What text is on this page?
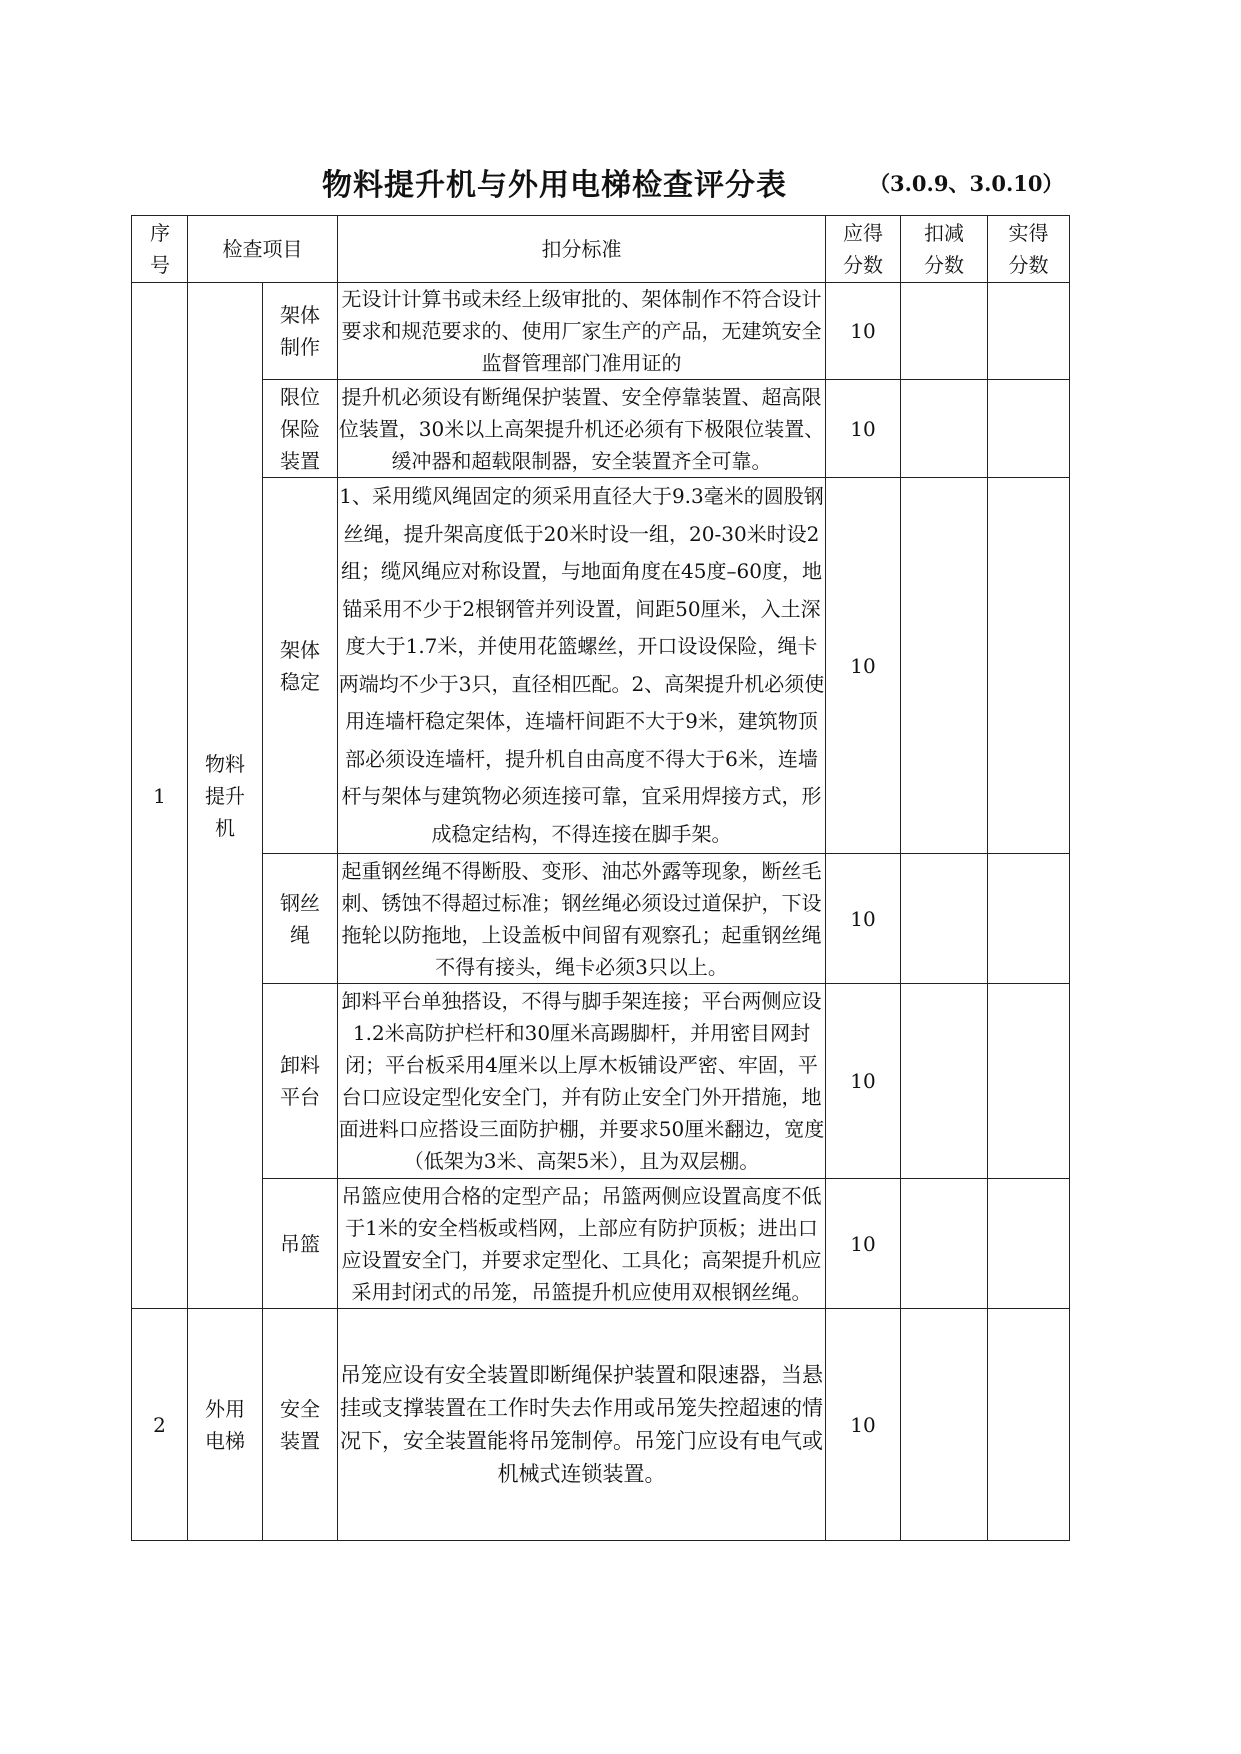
物料提升机与外用电梯检查评分表	（3.0.9、3.0.10）
序号	检查项目		扣分标准	应得分数	扣减分数	实得分数
1	物料提升机	架体制作	无设计计算书或未经上级审批的、架体制作不符合设计要求和规范要求的、使用厂家生产的产品，无建筑安全监督管理部门准用证的	10		
		限位保险装置	提升机必须设有断绳保护装置、安全停靠装置、超高限位装置，30米以上高架提升机还必须有下极限位装置、缓冲器和超载限制器，安全装置齐全可靠。	10		
		架体稳定	1、采用缆风绳固定的须采用直径大于9.3毫米的圆股钢丝绳，提升架高度低于20米时设一组，20-30米时设2组；缆风绳应对称设置，与地面角度在45度–60度，地锚采用不少于2根钢管并列设置，间距50厘米，入土深度大于1.7米，并使用花篮螺丝，开口设设保险，绳卡两端均不少于3只，直径相匹配。2、高架提升机必须使用连墙杆稳定架体，连墙杆间距不大于9米，建筑物顶部必须设连墙杆，提升机自由高度不得大于6米，连墙杆与架体与建筑物必须连接可靠，宜采用焊接方式，形成稳定结构，不得连接在脚手架。	10		
		钢丝绳	起重钢丝绳不得断股、变形、油芯外露等现象，断丝毛刺、锈蚀不得超过标准；钢丝绳必须设过道保护，下设拖轮以防拖地，上设盖板中间留有观察孔；起重钢丝绳不得有接头，绳卡必须3只以上。	10		
		卸料平台	卸料平台单独搭设，不得与脚手架连接；平台两侧应设1.2米高防护栏杆和30厘米高踢脚杆，并用密目网封闭；平台板采用4厘米以上厚木板铺设严密、牢固，平台口应设定型化安全门，并有防止安全门外开措施，地面进料口应搭设三面防护棚，并要求50厘米翻边，宽度（低架为3米、高架5米），且为双层棚。	10		
		吊篮	吊篮应使用合格的定型产品；吊篮两侧应设置高度不低于1米的安全档板或档网，上部应有防护顶板；进出口应设置安全门，并要求定型化、工具化；高架提升机应采用封闭式的吊笼，吊篮提升机应使用双根钢丝绳。	10		
2	外用电梯	安全装置	吊笼应设有安全装置即断绳保护装置和限速器，当悬挂或支撑装置在工作时失去作用或吊笼失控超速的情况下，安全装置能将吊笼制停。吊笼门应设有电气或机械式连锁装置。	10		
